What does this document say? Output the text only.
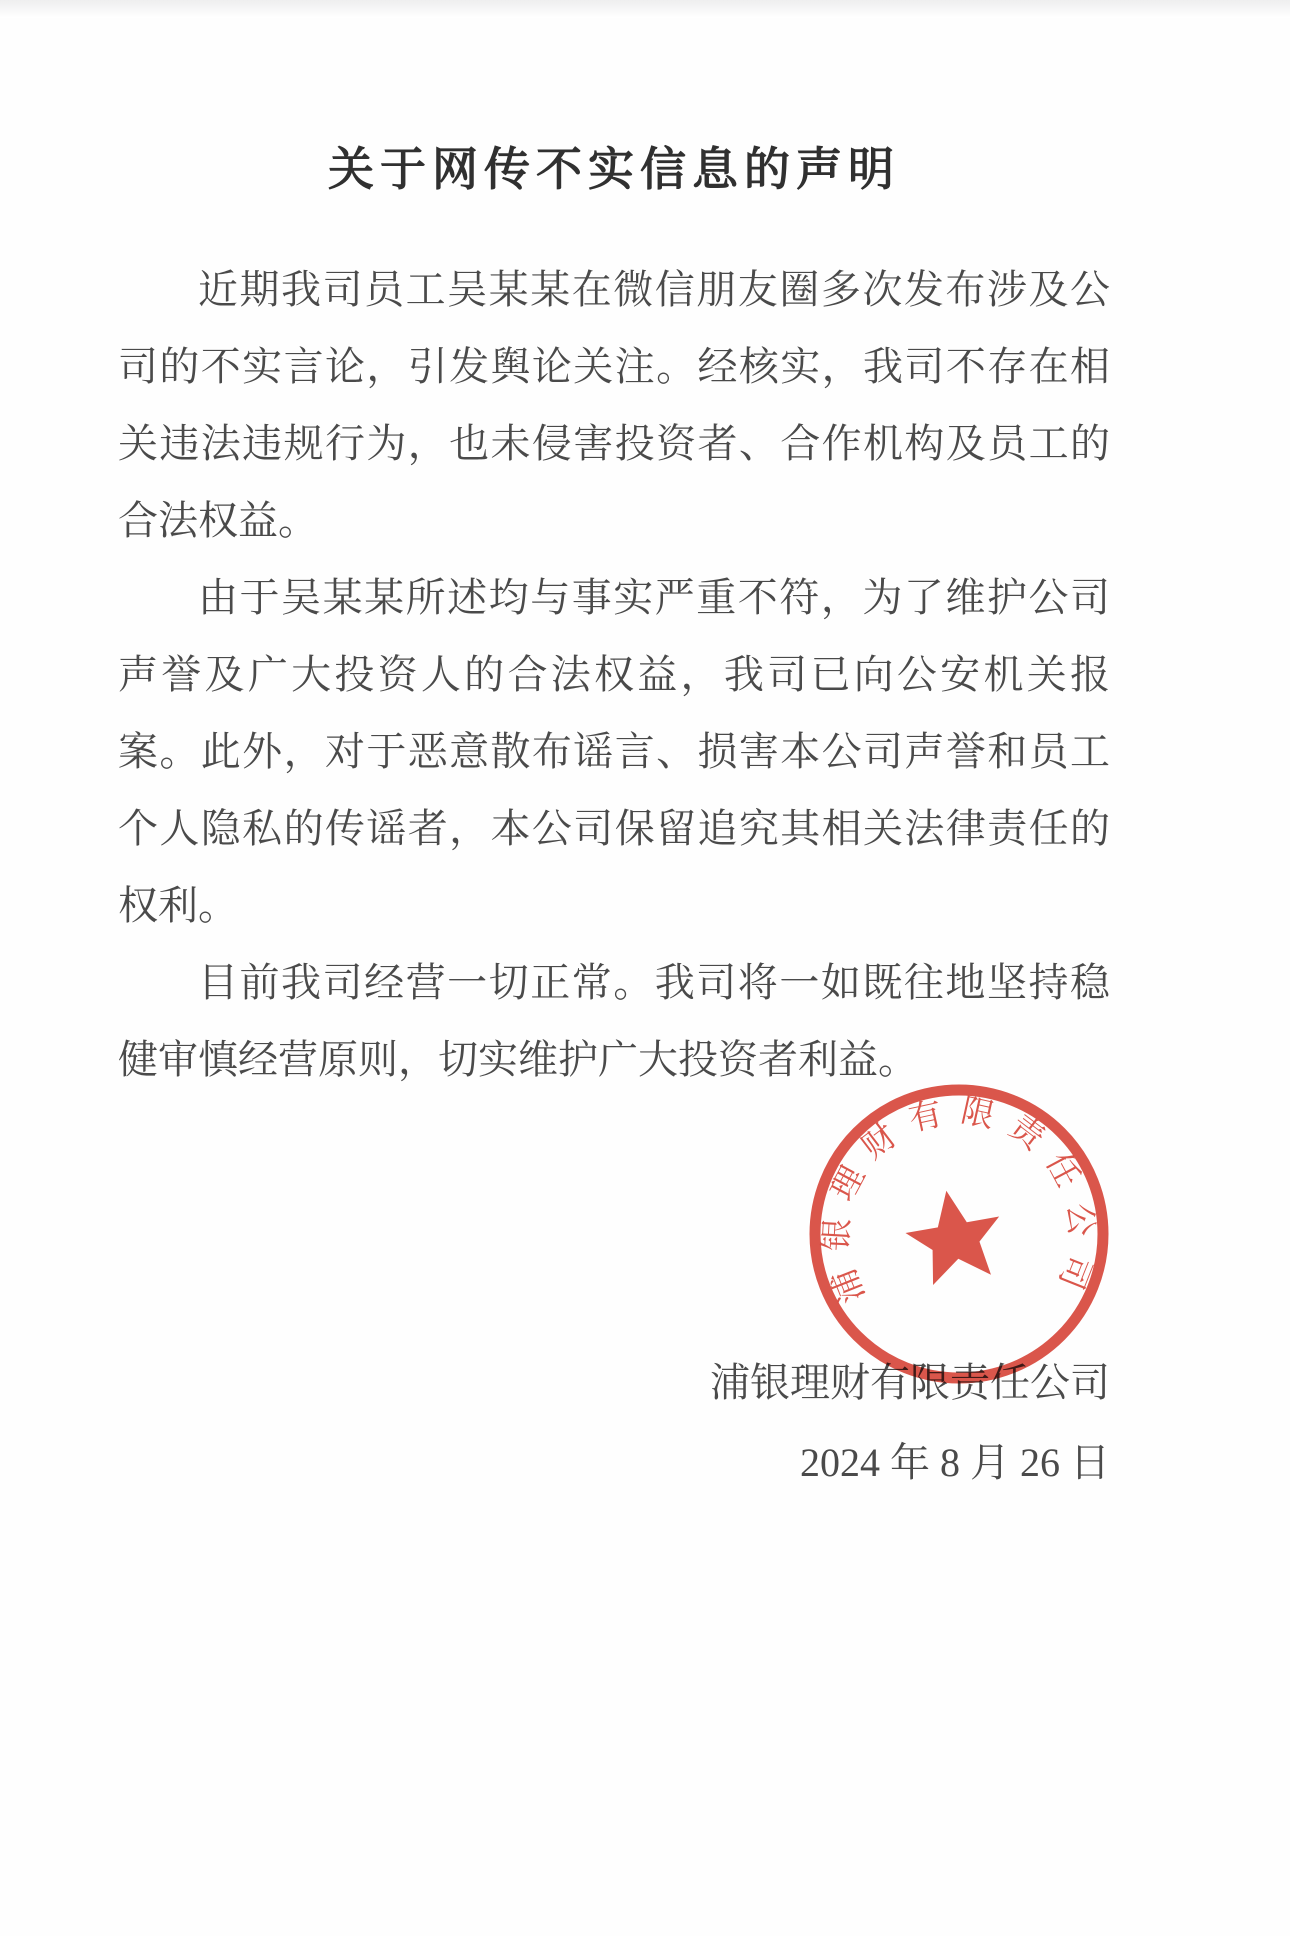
关于网传不实信息的声明

近期我司员工吴某某在微信朋友圈多次发布涉及公司的不实言论，引发舆论关注。经核实，我司不存在相关违法违规行为，也未侵害投资者、合作机构及员工的合法权益。

由于吴某某所述均与事实严重不符，为了维护公司声誉及广大投资人的合法权益，我司已向公安机关报案。此外，对于恶意散布谣言、损害本公司声誉和员工个人隐私的传谣者，本公司保留追究其相关法律责任的权利。

目前我司经营一切正常。我司将一如既往地坚持稳健审慎经营原则，切实维护广大投资者利益。

浦银理财有限责任公司
2024 年 8 月 26 日
浦银理财有限责任公司
